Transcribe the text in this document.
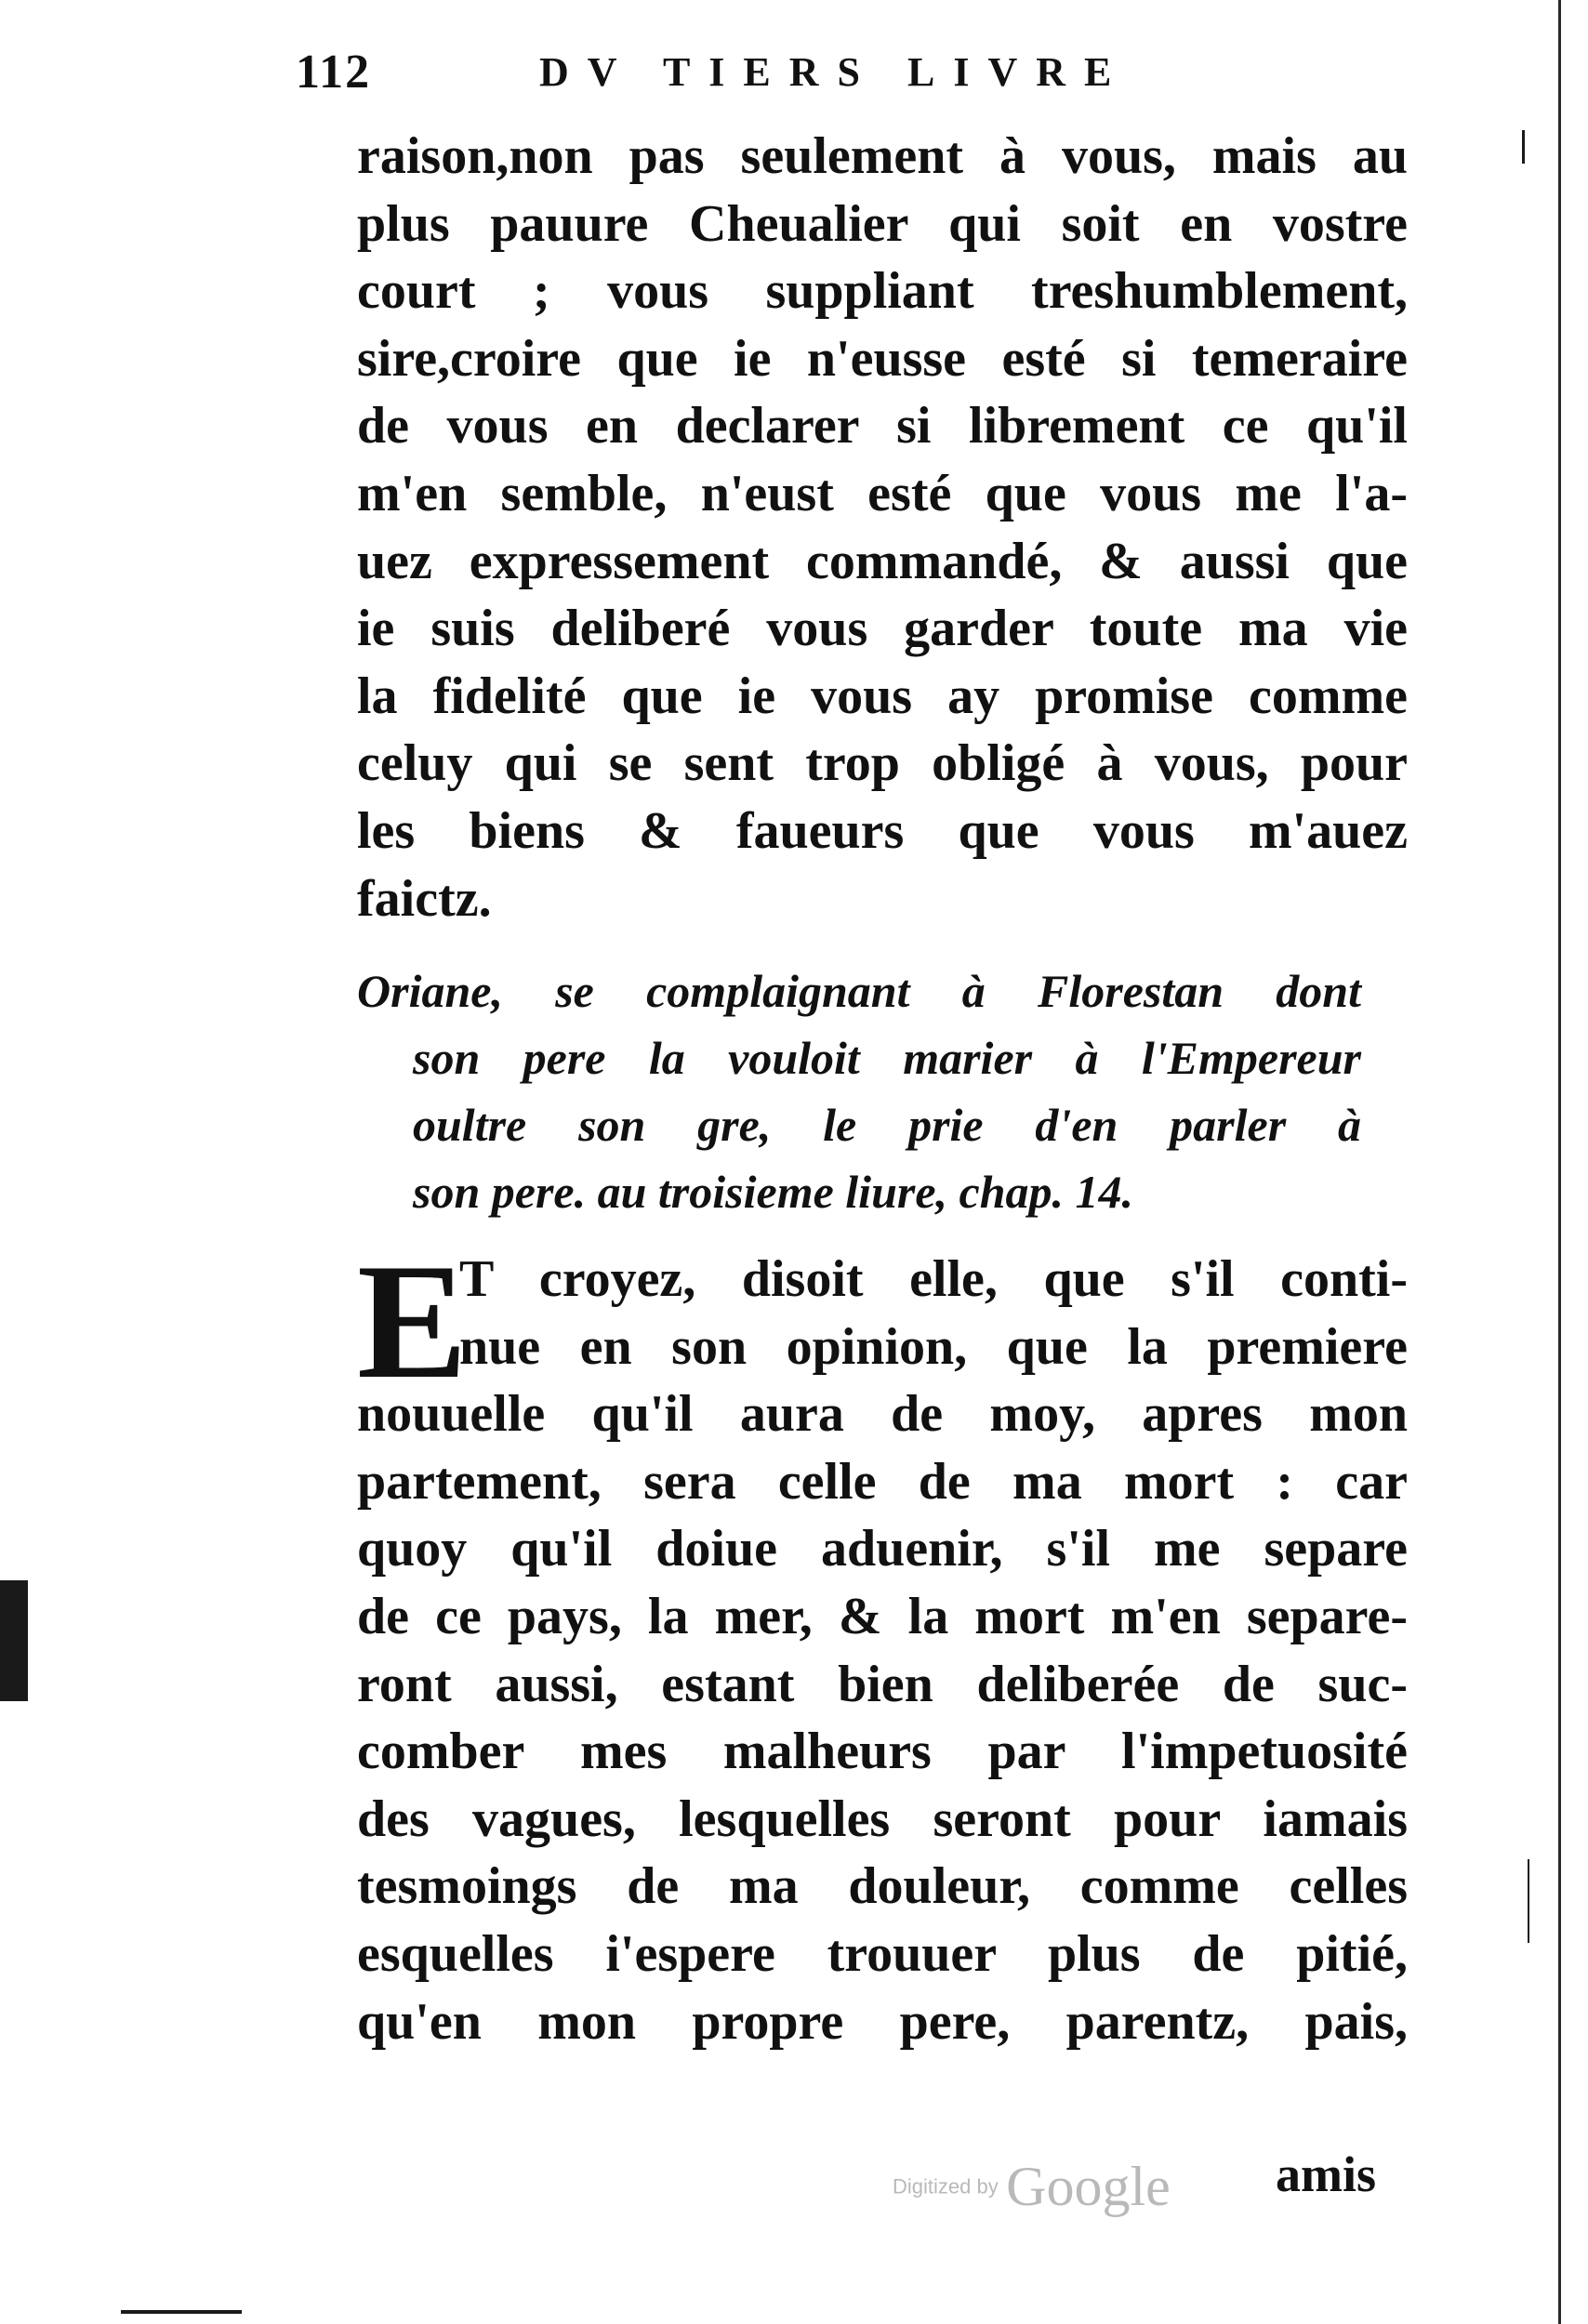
112	DV TIERS LIVRE
raison,non pas seulement à vous, mais au
plus pauure Cheualier qui soit en vostre
court ; vous suppliant treshumblement,
sire,croire que ie n'eusse esté si temeraire
de vous en declarer si librement ce qu'il
m'en semble, n'eust esté que vous me l'a-
uez expressement commandé, & aussi que
ie suis deliberé vous garder toute ma vie
la fidelité que ie vous ay promise comme
celuy qui se sent trop obligé à vous, pour
les biens & faueurs que vous m'auez
faictz.
Oriane, se complaignant à Florestan dont
son pere la vouloit marier à l'Empereur
oultre son gre, le prie d'en parler à
son pere. au troisieme liure, chap. 14.
E
T croyez, disoit elle, que s'il conti-
nue en son opinion, que la premiere
nouuelle qu'il aura de moy, apres mon
partement, sera celle de ma mort : car
quoy qu'il doiue aduenir, s'il me separe
de ce pays, la mer, & la mort m'en separe-
ront aussi, estant bien deliberée de suc-
comber mes malheurs par l'impetuosité
des vagues, lesquelles seront pour iamais
tesmoings de ma douleur, comme celles
esquelles i'espere trouuer plus de pitié,
qu'en mon propre pere, parentz, pais,
amis
Digitized by Google
